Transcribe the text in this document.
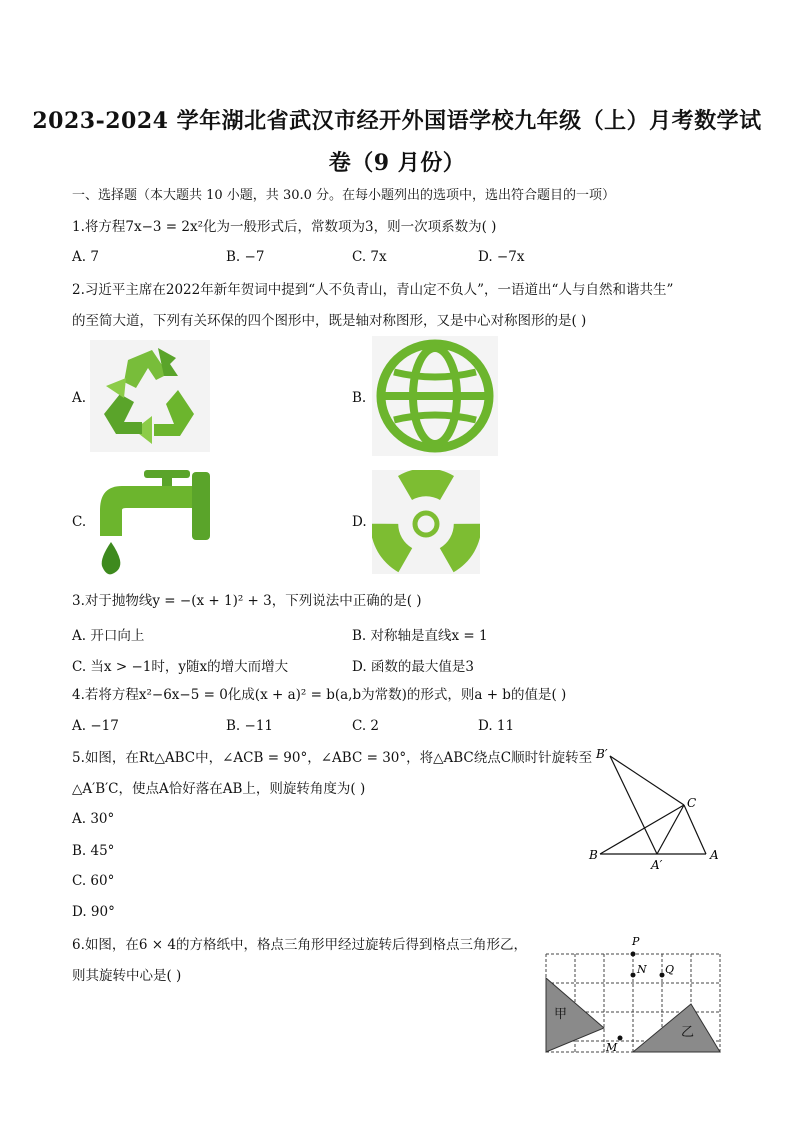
2023-2024 学年湖北省武汉市经开外国语学校九年级（上）月考数学试
卷（9 月份）
一、选择题（本大题共 10 小题，共 30.0 分。在每小题列出的选项中，选出符合题目的一项）
1.将方程7x−3 = 2x²化为一般形式后，常数项为3，则一次项系数为( )
A. 7	B. −7	C. 7x	D. −7x
2.习近平主席在2022年新年贺词中提到“人不负青山，青山定不负人”，一语道出“人与自然和谐共生”
的至简大道，下列有关环保的四个图形中，既是轴对称图形，又是中心对称图形的是( )
A.	B.
C.	D.
3.对于抛物线y = −(x + 1)² + 3，下列说法中正确的是( )
A. 开口向上	B. 对称轴是直线x = 1
C. 当x > −1时，y随x的增大而增大	D. 函数的最大值是3
4.若将方程x²−6x−5 = 0化成(x + a)² = b(a,b为常数)的形式，则a + b的值是( )
A. −17	B. −11	C. 2	D. 11
5.如图，在Rt△ABC中，∠ACB = 90°，∠ABC = 30°，将△ABC绕点C顺时针旋转至
△A′B′C，使点A恰好落在AB上，则旋转角度为( )
A. 30°
B. 45°
C. 60°
D. 90°
B′
C
B
A′
A
6.如图，在6 × 4的方格纸中，格点三角形甲经过旋转后得到格点三角形乙，
则其旋转中心是( )
甲
乙
P
N Q
M
